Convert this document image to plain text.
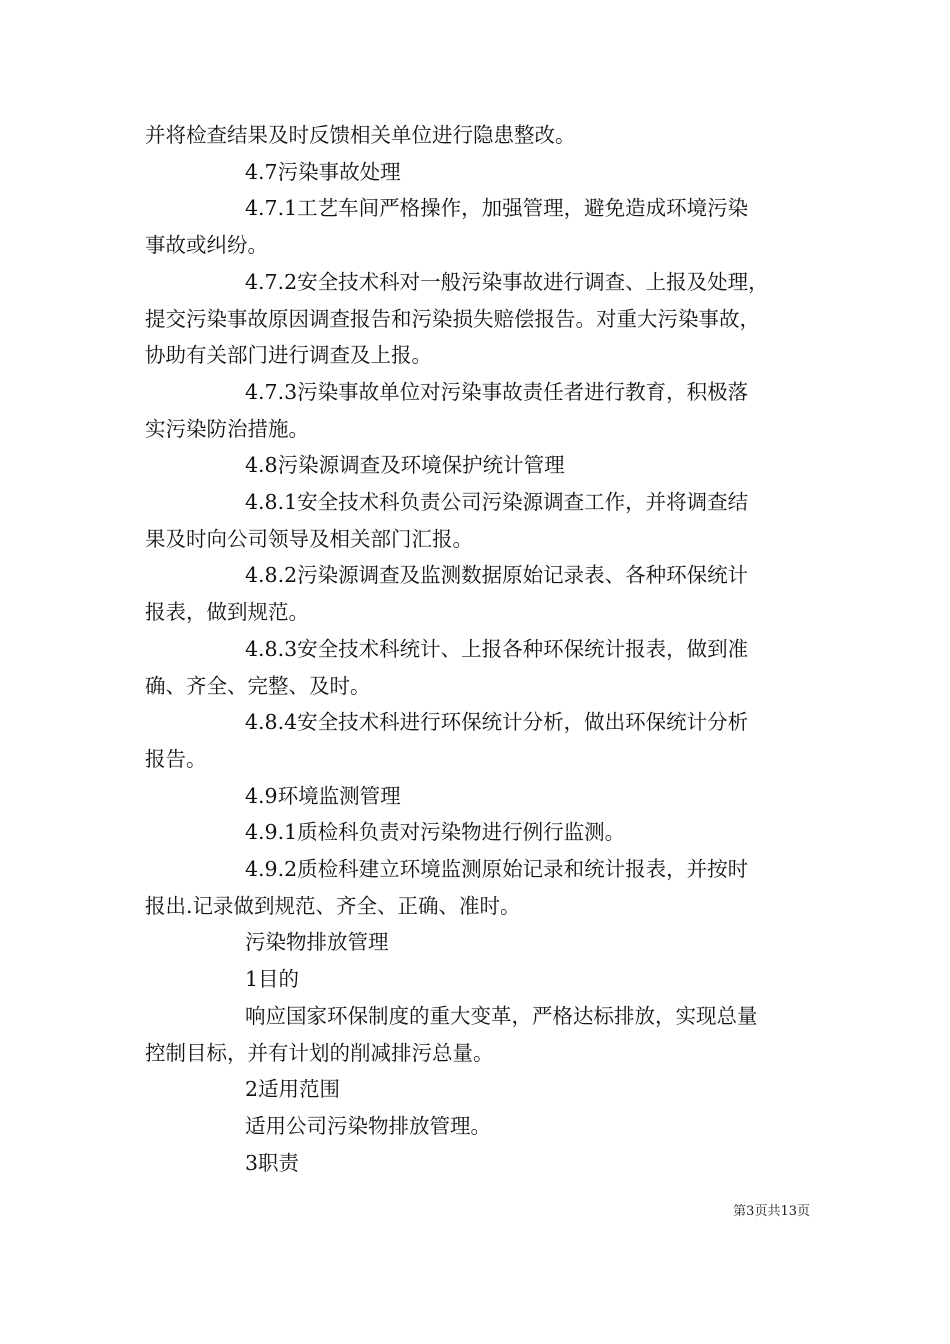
并将检查结果及时反馈相关单位进行隐患整改。

4.7污染事故处理

4.7.1工艺车间严格操作，加强管理，避免造成环境污染

事故或纠纷。

4.7.2安全技术科对一般污染事故进行调查、上报及处理，

提交污染事故原因调查报告和污染损失赔偿报告。对重大污染事故，

协助有关部门进行调查及上报。

4.7.3污染事故单位对污染事故责任者进行教育，积极落

实污染防治措施。

4.8污染源调查及环境保护统计管理

4.8.1安全技术科负责公司污染源调查工作，并将调查结

果及时向公司领导及相关部门汇报。

4.8.2污染源调查及监测数据原始记录表、各种环保统计

报表，做到规范。

4.8.3安全技术科统计、上报各种环保统计报表，做到准

确、齐全、完整、及时。

4.8.4安全技术科进行环保统计分析，做出环保统计分析

报告。

4.9环境监测管理

4.9.1质检科负责对污染物进行例行监测。

4.9.2质检科建立环境监测原始记录和统计报表，并按时

报出.记录做到规范、齐全、正确、准时。

污染物排放管理

1目的

响应国家环保制度的重大变革，严格达标排放，实现总量

控制目标，并有计划的削减排污总量。

2适用范围

适用公司污染物排放管理。

3职责

第3页共13页
